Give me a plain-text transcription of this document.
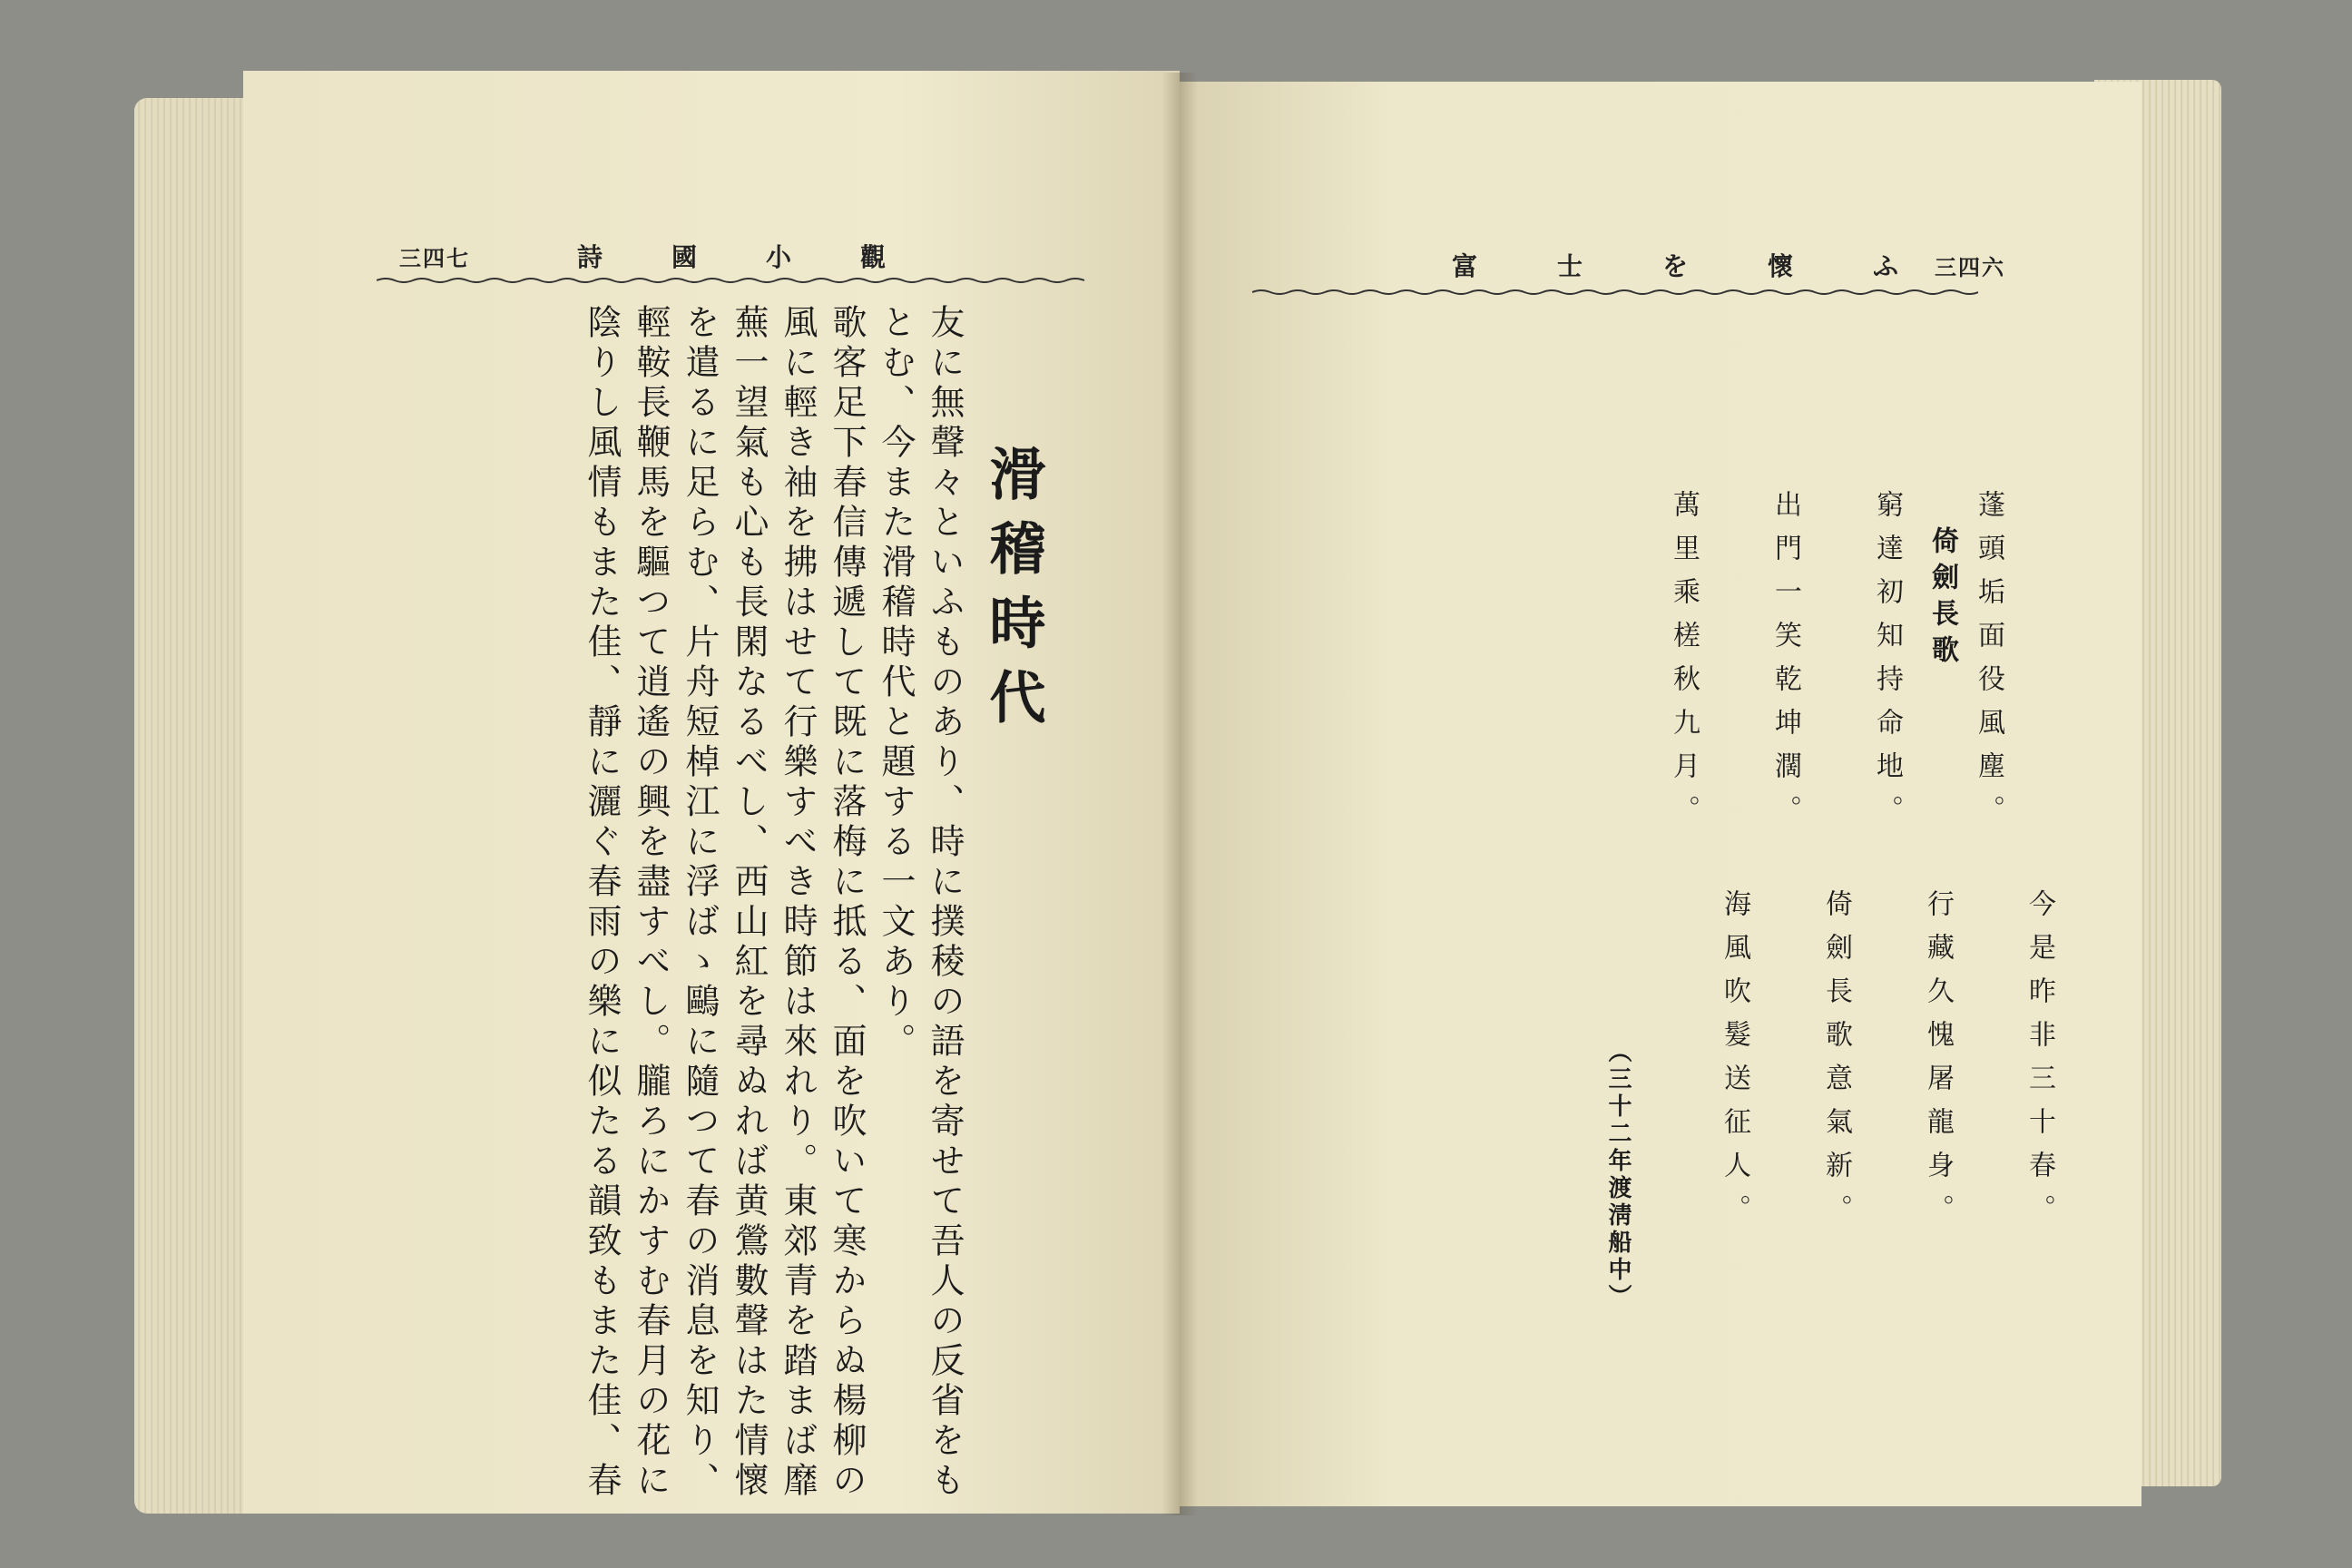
三四七	詩　國　小　觀
滑稽時代
友に無聲々といふものあり、時に撲稜の語を寄せて吾人の反省をも
とむ、今また滑稽時代と題する一文あり。
歌客足下春信傳遞して既に落梅に抵る、面を吹いて寒からぬ楊柳の
風に輕き袖を拂はせて行樂すべき時節は來れり。東郊青を踏まば靡
蕪一望氣も心も長閑なるべし、西山紅を尋ぬれば黄鶯數聲はた情懷
を遣るに足らむ、片舟短棹江に浮ばゝ鷗に隨つて春の消息を知り、
輕鞍長鞭馬を驅つて逍遙の興を盡すべし。朧ろにかすむ春月の花に
陰りし風情もまた佳、靜に灑ぐ春雨の樂に似たる韻致もまた佳、春
富　士　を　懷　ふ 三四六
倚劍長歌
今是昨非三十春。
蓬頭垢面役風塵。
行藏久愧屠龍身。
窮達初知持命地。
倚劍長歌意氣新。
出門一笑乾坤濶。
海風吹髮送征人。
萬里乘槎秋九月。
（三十二年渡淸船中）
